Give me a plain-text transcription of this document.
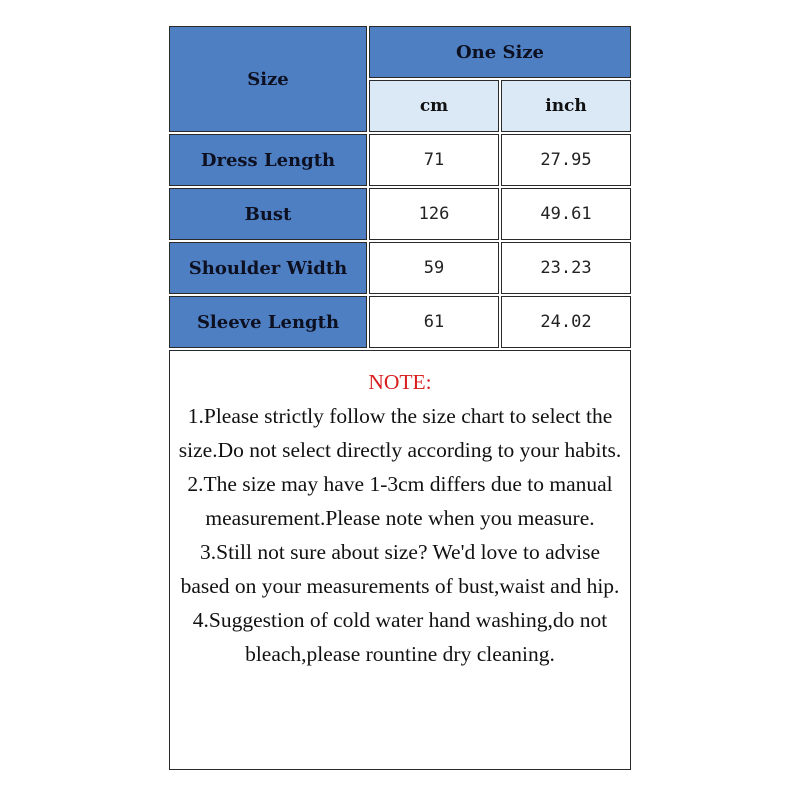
Size
One Size
cm	inch
Dress Length	71	27.95
Bust	126	49.61
Shoulder Width	59	23.23
Sleeve Length	61	24.02

NOTE:

1.Please strictly follow the size chart to select the size.Do not select directly according to your habits.

2.The size may have 1-3cm differs due to manual measurement.Please note when you measure.

3.Still not sure about size? We'd love to advise based on your measurements of bust,waist and hip.

4.Suggestion of cold water hand washing,do not bleach,please rountine dry cleaning.
